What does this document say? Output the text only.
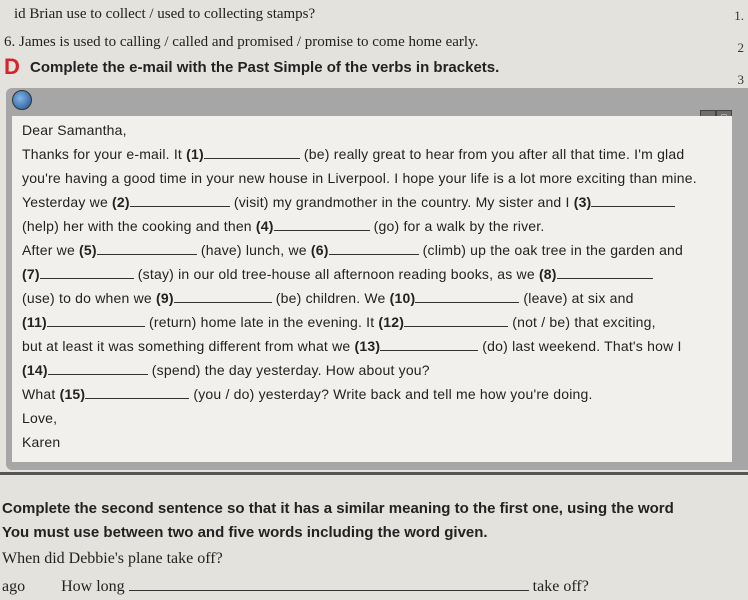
id Brian use to collect / used to collecting stamps?
6. James is used to calling / called and promised / promise to come home early.
1.
2
3
D Complete the e-mail with the Past Simple of the verbs in brackets.
Dear Samantha,
Thanks for your e-mail. It (1)	(be) really great to hear from you after all that time. I'm glad
you're having a good time in your new house in Liverpool. I hope your life is a lot more exciting than mine.
Yesterday we (2)	(visit) my grandmother in the country. My sister and I (3)
(help) her with the cooking and then (4)	(go) for a walk by the river.
After we (5)	(have) lunch, we (6)	(climb) up the oak tree in the garden and
(7)	(stay) in our old tree-house all afternoon reading books, as we (8)
(use) to do when we (9)	(be) children. We (10)	(leave) at six and
(11)	(return) home late in the evening. It (12)	(not / be) that exciting,
but at least it was something different from what we (13)	(do) last weekend. That's how I
(14)	(spend) the day yesterday. How about you?
What (15)	(you / do) yesterday? Write back and tell me how you're doing.
Love,
Karen
Complete the second sentence so that it has a similar meaning to the first one, using the word
You must use between two and five words including the word given.
When did Debbie's plane take off?
ago How long	take off?
